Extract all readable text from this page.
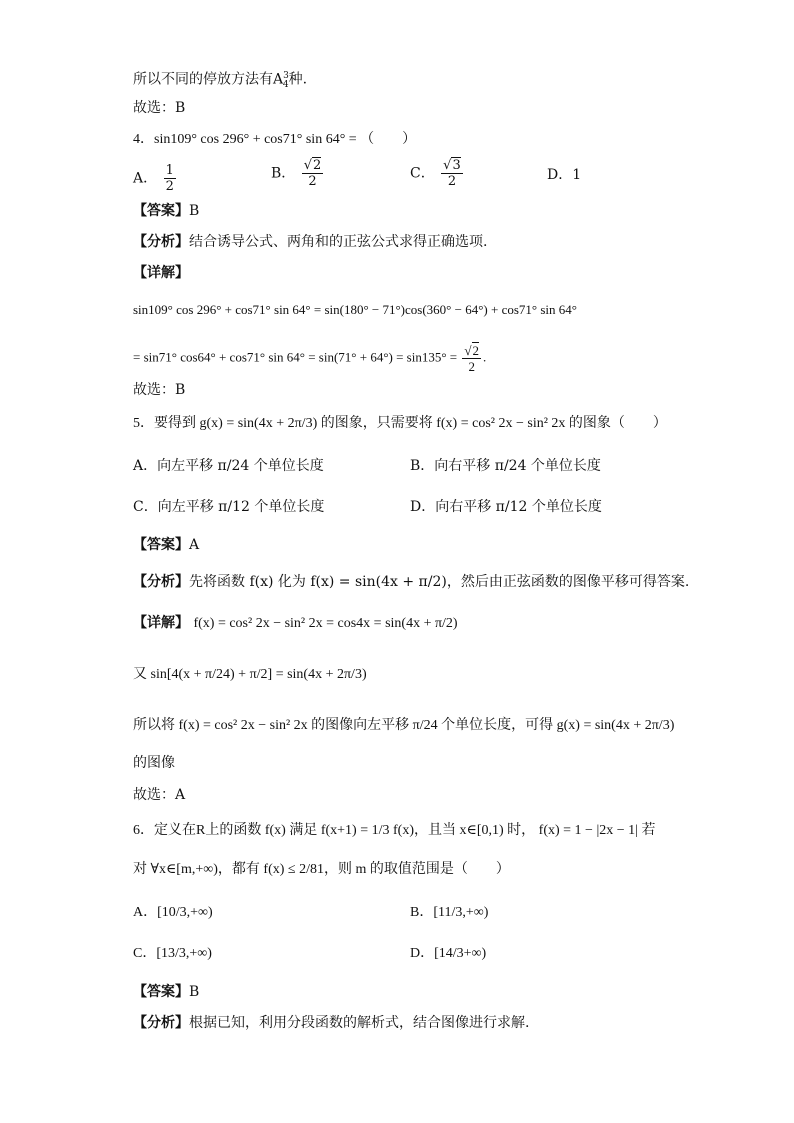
所以不同的停放方法有$A^3_4$种.
故选：B
4．sin109° cos 296° + cos71° sin 64° = （　　）
A． $\frac{1}{2}$	B． $\frac{√2}{2}$	C． $\frac{√3}{2}$	D．1
【答案】B
【分析】结合诱导公式、两角和的正弦公式求得正确选项.
【详解】
sin109° cos 296° + cos71° sin 64° = sin(180° − 71°)cos(360° − 64°) + cos71° sin 64°
= sin71° cos64° + cos71° $\sin 64^\circ = \sin(71^\circ + 64^\circ) = \sin 135^\circ = \frac{√2}{2}$ .
故选：B
5．要得到 g(x) = sin(4x + 2π/3) 的图象，只需要将 f(x) = cos² 2x − sin² 2x 的图象（　　）
A．向左平移 π/24 个单位长度	B．向右平移 π/24 个单位长度
C．向左平移 π/12 个单位长度	D．向右平移 π/12 个单位长度
【答案】A
【分析】先将函数 f(x) 化为 f(x) = sin(4x + π/2)，然后由正弦函数的图像平移可得答案.
【详解】 f(x) = cos² 2x − sin² 2x = cos4x = sin(4x + π/2)
又 sin[4(x + π/24) + π/2] = sin(4x + 2π/3)
所以将 f(x) = cos² 2x − sin² 2x 的图像向左平移 π/24 个单位长度，可得 g(x) = sin(4x + 2π/3)
的图像
故选：A
6．定义在R上的函数 f(x) 满足 f(x+1) = 1/3 f(x)，且当 x∈[0,1) 时， f(x) = 1 − |2x − 1| 若
对 ∀x∈[m,+∞)，都有 f(x) ≤ 2/81，则 m 的取值范围是（　　）
A．[10/3,+∞)	B．[11/3,+∞)
C．[13/3,+∞)	D．[14/3+∞)
【答案】B
【分析】根据已知，利用分段函数的解析式，结合图像进行求解.
